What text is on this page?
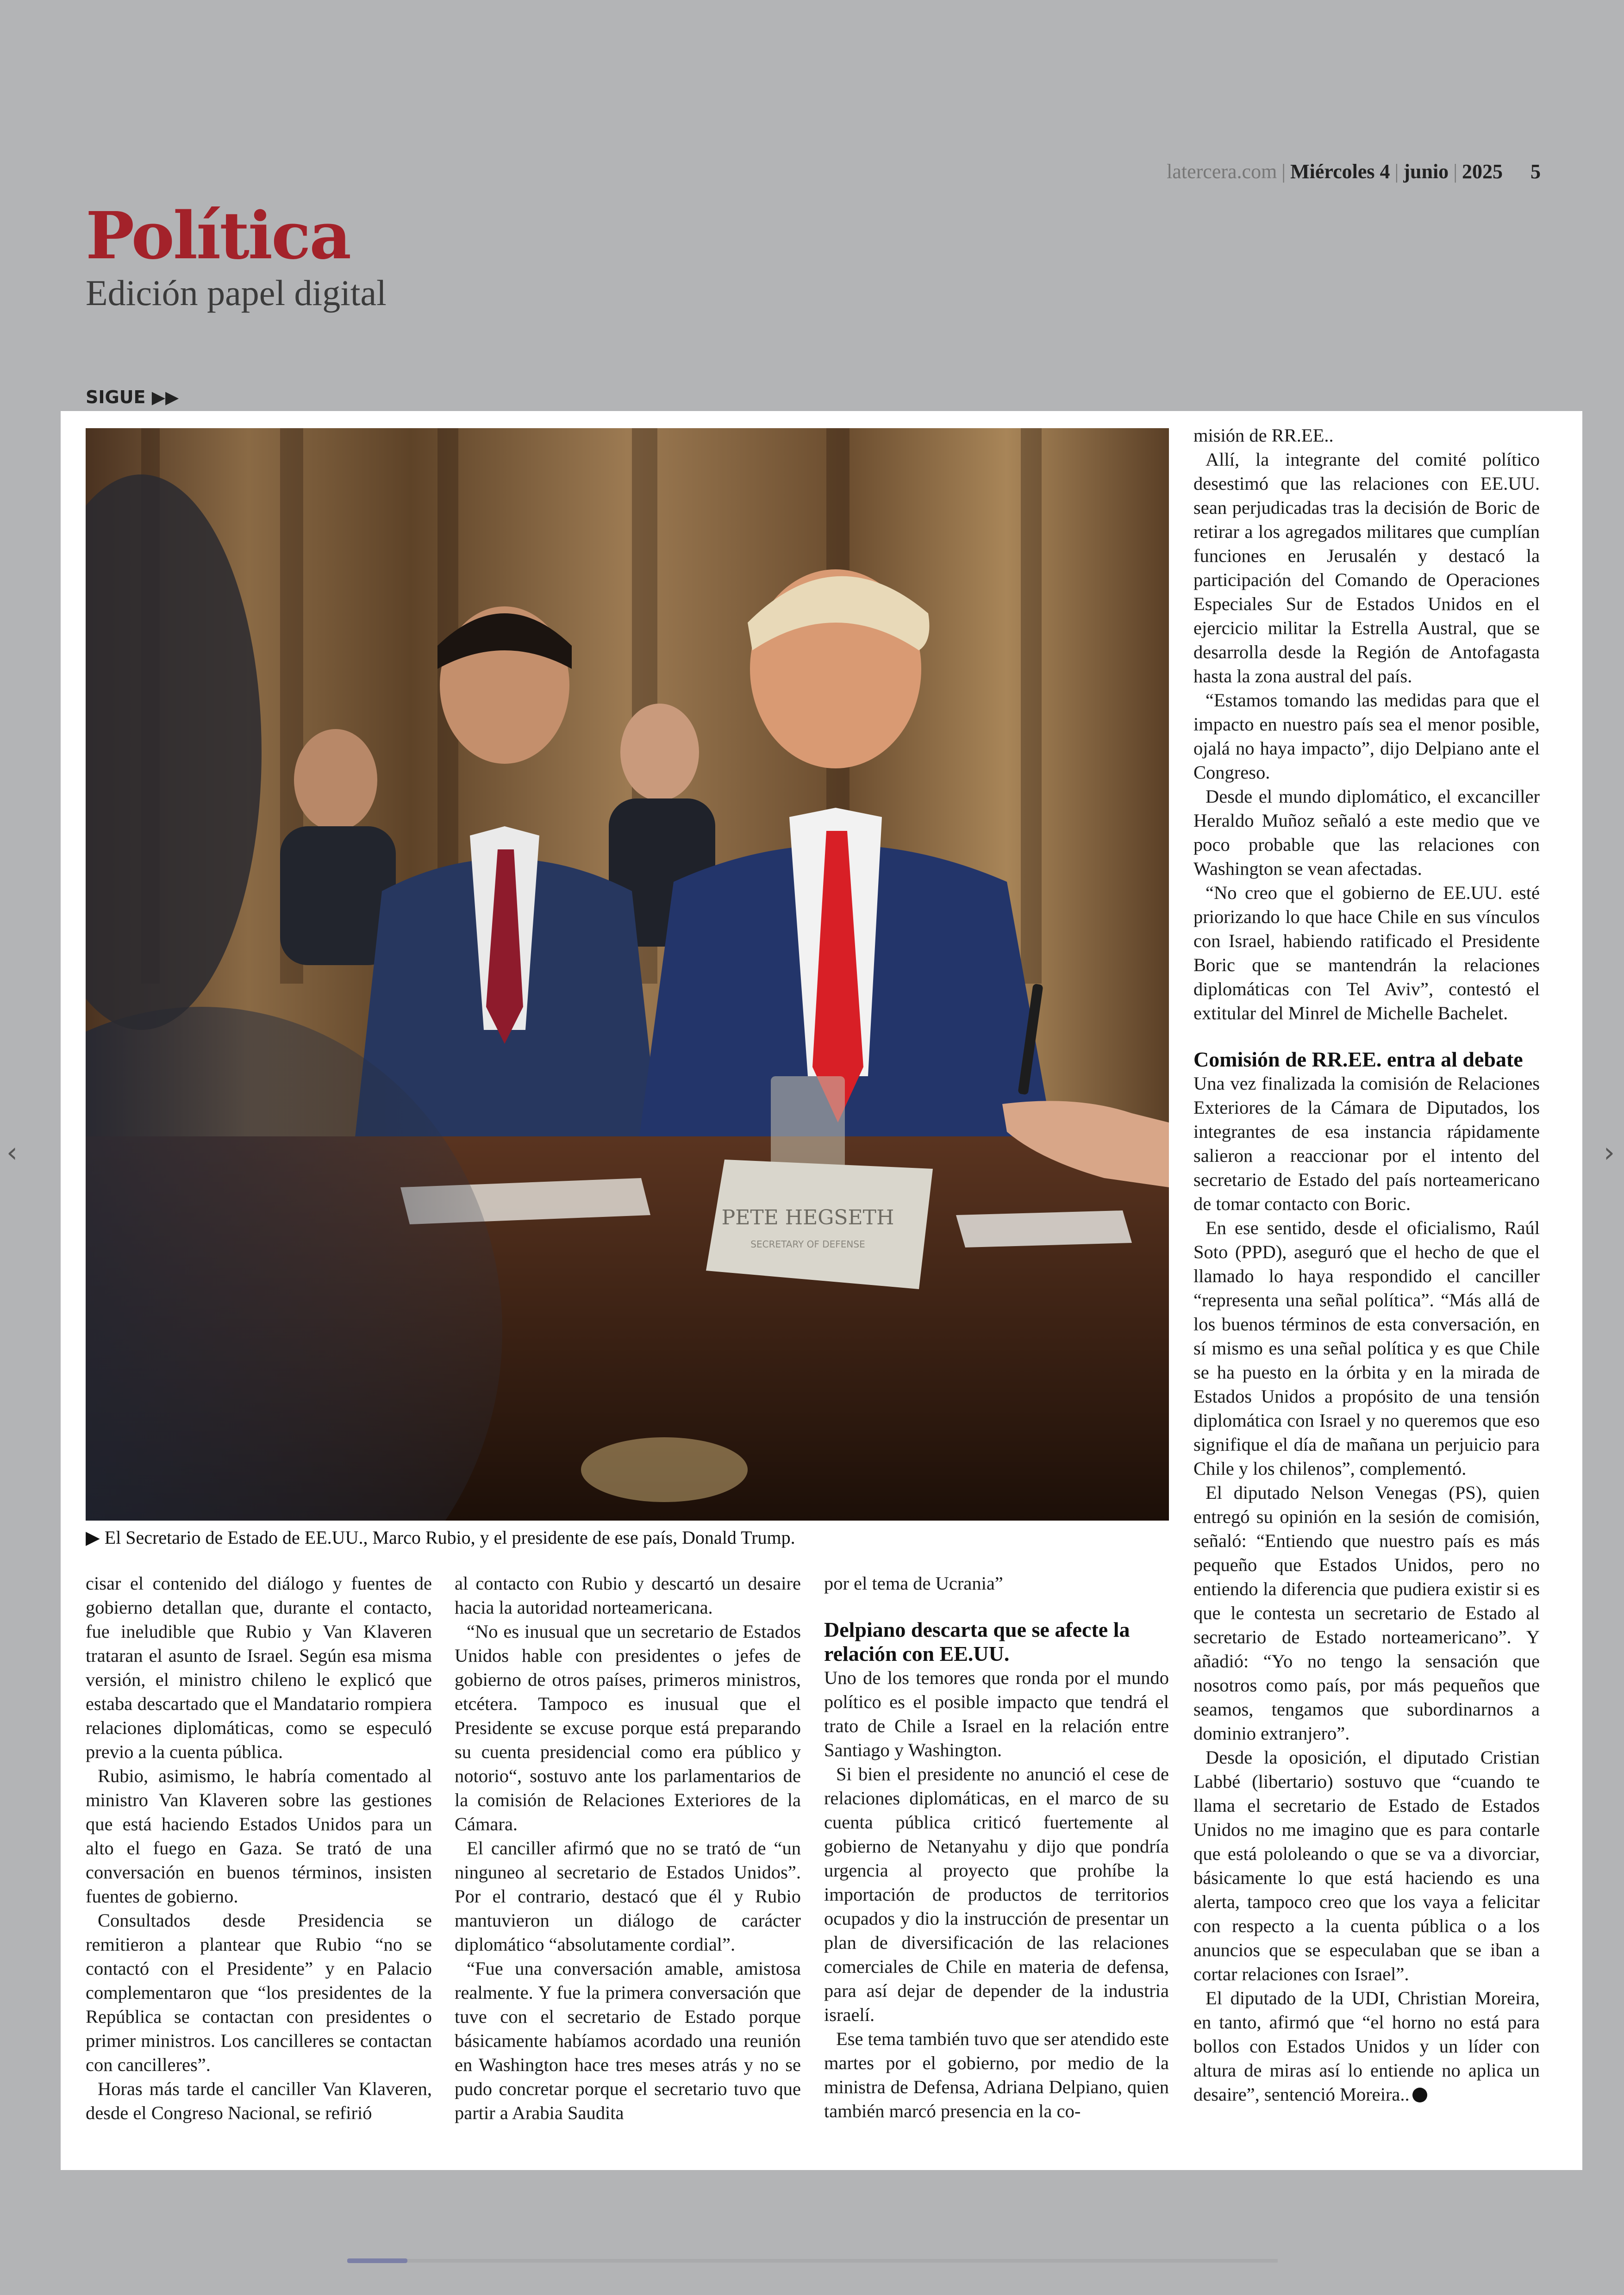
latercera.com | Miércoles 4 | junio | 2025 5
Política
Edición papel digital
SIGUE ▶▶
PETE HEGSETH
SECRETARY OF DEFENSE
▶ El Secretario de Estado de EE.UU., Marco Rubio, y el presidente de ese país, Donald Trump.

cisar el contenido del diálogo y fuentes de gobierno detallan que, durante el contacto, fue ineludible que Rubio y Van Klaveren trataran el asunto de Israel. Según esa misma versión, el ministro chileno le explicó que estaba descartado que el Mandatario rompiera relaciones diplomáticas, como se especuló previo a la cuenta pública.

Rubio, asimismo, le habría comentado al ministro Van Klaveren sobre las gestiones que está haciendo Estados Unidos para un alto el fuego en Gaza. Se trató de una conversación en buenos términos, insisten fuentes de gobierno.

Consultados desde Presidencia se remitieron a plantear que Rubio “no se contactó con el Presidente” y en Palacio complementaron que “los presidentes de la República se contactan con presidentes o primer ministros. Los cancilleres se contactan con cancilleres”.

Horas más tarde el canciller Van Klaveren, desde el Congreso Nacional, se refirió

al contacto con Rubio y descartó un desaire hacia la autoridad norteamericana.

“No es inusual que un secretario de Estados Unidos hable con presidentes o jefes de gobierno de otros países, primeros ministros, etcétera. Tampoco es inusual que el Presidente se excuse porque está preparando su cuenta presidencial como era público y notorio“, sostuvo ante los parlamentarios de la comisión de Relaciones Exteriores de la Cámara.

El canciller afirmó que no se trató de “un ninguneo al secretario de Estados Unidos”. Por el contrario, destacó que él y Rubio mantuvieron un diálogo de carácter diplomático “absolutamente cordial”.

“Fue una conversación amable, amistosa realmente. Y fue la primera conversación que tuve con el secretario de Estado porque básicamente habíamos acordado una reunión en Washington hace tres meses atrás y no se pudo concretar porque el secretario tuvo que partir a Arabia Saudita

por el tema de Ucrania”

Delpiano descarta que se afecte la relación con EE.UU.

Uno de los temores que ronda por el mundo político es el posible impacto que tendrá el trato de Chile a Israel en la relación entre Santiago y Washington.

Si bien el presidente no anunció el cese de relaciones diplomáticas, en el marco de su cuenta pública criticó fuertemente al gobierno de Netanyahu y dijo que pondría urgencia al proyecto que prohíbe la importación de productos de territorios ocupados y dio la instrucción de presentar un plan de diversificación de las relaciones comerciales de Chile en materia de defensa, para así dejar de depender de la industria israelí.

Ese tema también tuvo que ser atendido este martes por el gobierno, por medio de la ministra de Defensa, Adriana Delpiano, quien también marcó presencia en la co-

misión de RR.EE..

Allí, la integrante del comité político desestimó que las relaciones con EE.UU. sean perjudicadas tras la decisión de Boric de retirar a los agregados militares que cumplían funciones en Jerusalén y destacó la participación del Comando de Operaciones Especiales Sur de Estados Unidos en el ejercicio militar la Estrella Austral, que se desarrolla desde la Región de Antofagasta hasta la zona austral del país.

“Estamos tomando las medidas para que el impacto en nuestro país sea el menor posible, ojalá no haya impacto”, dijo Delpiano ante el Congreso.

Desde el mundo diplomático, el excanciller Heraldo Muñoz señaló a este medio que ve poco probable que las relaciones con Washington se vean afectadas.

“No creo que el gobierno de EE.UU. esté priorizando lo que hace Chile en sus vínculos con Israel, habiendo ratificado el Presidente Boric que se mantendrán la relaciones diplomáticas con Tel Aviv”, contestó el extitular del Minrel de Michelle Bachelet.

Comisión de RR.EE. entra al debate

Una vez finalizada la comisión de Relaciones Exteriores de la Cámara de Diputados, los integrantes de esa instancia rápidamente salieron a reaccionar por el intento del secretario de Estado del país norteamericano de tomar contacto con Boric.

En ese sentido, desde el oficialismo, Raúl Soto (PPD), aseguró que el hecho de que el llamado lo haya respondido el canciller “representa una señal política”. “Más allá de los buenos términos de esta conversación, en sí mismo es una señal política y es que Chile se ha puesto en la órbita y en la mirada de Estados Unidos a propósito de una tensión diplomática con Israel y no queremos que eso signifique el día de mañana un perjuicio para Chile y los chilenos”, complementó.

El diputado Nelson Venegas (PS), quien entregó su opinión en la sesión de comisión, señaló: “Entiendo que nuestro país es más pequeño que Estados Unidos, pero no entiendo la diferencia que pudiera existir si es que le contesta un secretario de Estado al secretario de Estado norteamericano”. Y añadió: “Yo no tengo la sensación que nosotros como país, por más pequeños que seamos, tengamos que subordinarnos a dominio extranjero”.

Desde la oposición, el diputado Cristian Labbé (libertario) sostuvo que “cuando te llama el secretario de Estado de Estados Unidos no me imagino que es para contarle que está pololeando o que se va a divorciar, básicamente lo que está haciendo es una alerta, tampoco creo que los vaya a felicitar con respecto a la cuenta pública o a los anuncios que se especulaban que se iban a cortar relaciones con Israel”.

El diputado de la UDI, Christian Moreira, en tanto, afirmó que “el horno no está para bollos con Estados Unidos y un líder con altura de miras así lo entiende no aplica un desaire”, sentenció Moreira..

‹	›
